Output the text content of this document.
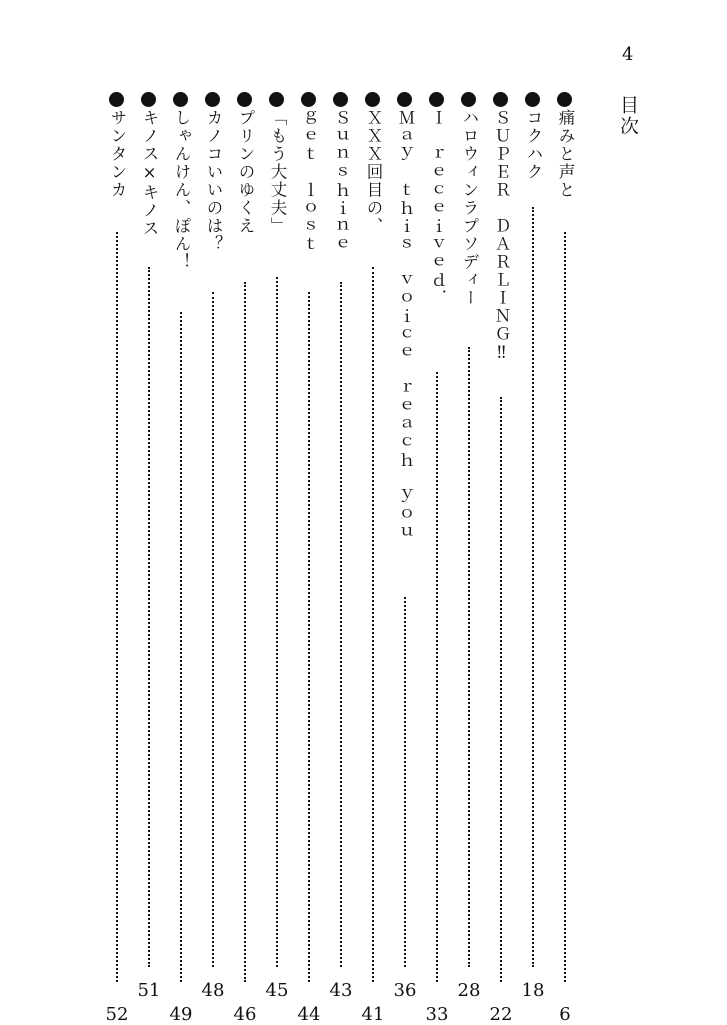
4
目次
痛みと声と
6
コクハク
18
ＳＵＰＥＲ　ＤＡＲＬＩＮＧ‼
22
ハロウィンラプソディー
28
Ｉ　ｒｅｃｅｉｖｅｄ．
33
Ｍａｙ　ｔｈｉｓ　ｖｏｉｃｅ　ｒｅａｃｈ　ｙｏｕ
36
ＸＸＸ回目の、
41
Ｓｕｎｓｈｉｎｅ
43
ｇｅｔ　ｌｏｓｔ
44
「もう大丈夫」
45
プリンのゆくえ
46
カノコいいのは？
48
しゃんけん、ぽん！
49
キノス×キノス
51
サンタンカ
52
